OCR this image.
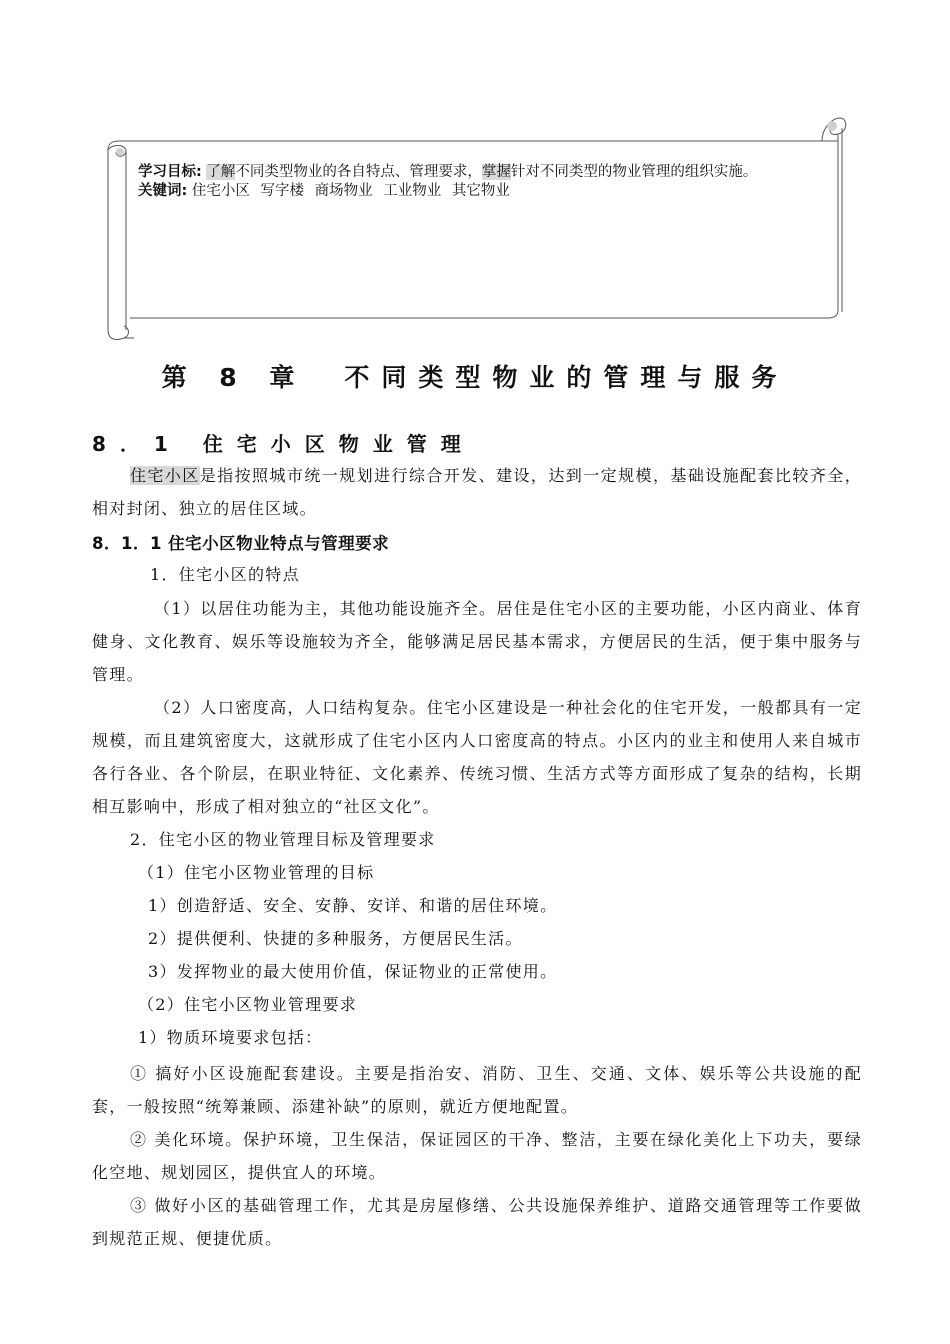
学习目标: 了解不同类型物业的各自特点、管理要求，掌握针对不同类型的物业管理的组织实施。
关键词: 住宅小区 写字楼 商场物业 工业物业 其它物业
第 8 章 不同类型物业的管理与服务
8．1 住宅小区物业管理
住宅小区是指按照城市统一规划进行综合开发、建设，达到一定规模，基础设施配套比较齐全，相对封闭、独立的居住区域。
8．1．1 住宅小区物业特点与管理要求
1．住宅小区的特点
（1）以居住功能为主，其他功能设施齐全。居住是住宅小区的主要功能，小区内商业、体育健身、文化教育、娱乐等设施较为齐全，能够满足居民基本需求，方便居民的生活，便于集中服务与管理。
（2）人口密度高，人口结构复杂。住宅小区建设是一种社会化的住宅开发，一般都具有一定规模，而且建筑密度大，这就形成了住宅小区内人口密度高的特点。小区内的业主和使用人来自城市各行各业、各个阶层，在职业特征、文化素养、传统习惯、生活方式等方面形成了复杂的结构，长期相互影响中，形成了相对独立的“社区文化”。
2．住宅小区的物业管理目标及管理要求
（1）住宅小区物业管理的目标
1）创造舒适、安全、安静、安详、和谐的居住环境。
2）提供便利、快捷的多种服务，方便居民生活。
3）发挥物业的最大使用价值，保证物业的正常使用。
（2）住宅小区物业管理要求
1）物质环境要求包括：
① 搞好小区设施配套建设。主要是指治安、消防、卫生、交通、文体、娱乐等公共设施的配套，一般按照“统筹兼顾、添建补缺”的原则，就近方便地配置。
② 美化环境。保护环境，卫生保洁，保证园区的干净、整洁，主要在绿化美化上下功夫，要绿化空地、规划园区，提供宜人的环境。
③ 做好小区的基础管理工作，尤其是房屋修缮、公共设施保养维护、道路交通管理等工作要做到规范正规、便捷优质。
